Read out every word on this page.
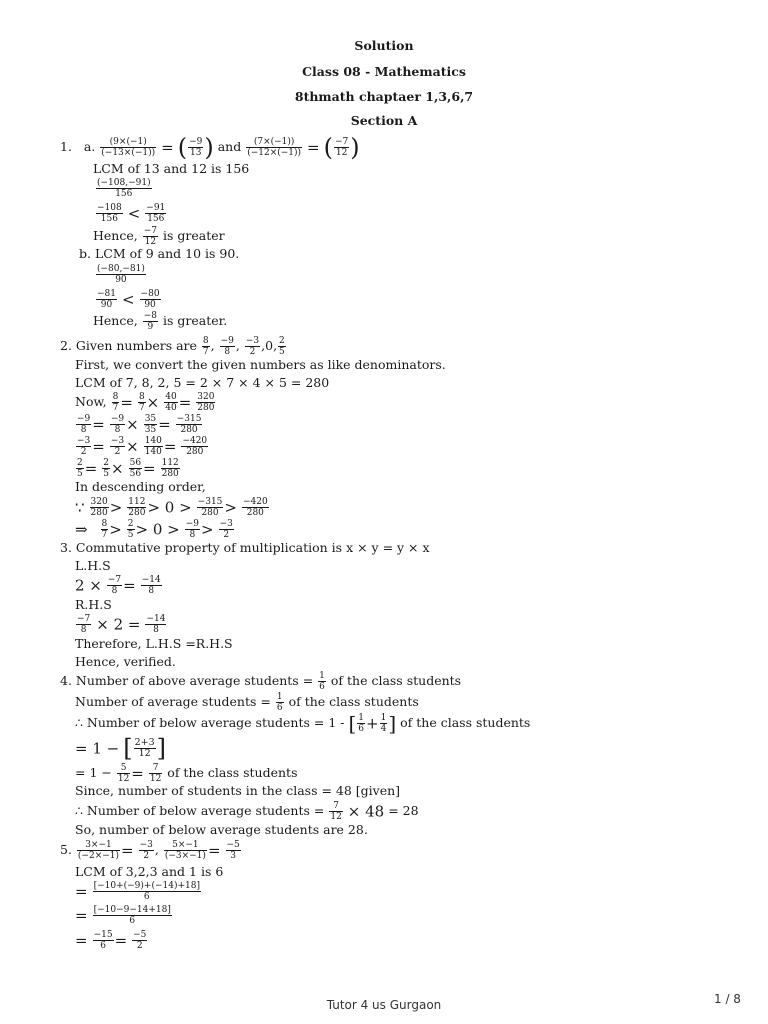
Solution
Class 08 - Mathematics
8thmath chaptaer 1,3,6,7
Section A
1. a. $\frac{(9\times(-1)}{(-13\times(-1))}$ = ( $\frac{-9}{13}$ ) and $\frac{(7\times(-1))}{(-12\times(-1))}$ = ( $\frac{-7}{12}$ )
LCM of 13 and 12 is 156
$\frac{(-108,-91)}{156}$
$\frac{-108}{156} < \frac{-91}{156}$
Hence, $\frac{-7}{12}$ is greater
b. LCM of 9 and 10 is 90.
$\frac{(-80,-81)}{90}$
$\frac{-81}{90} < \frac{-80}{90}$
Hence, $\frac{-8}{9}$ is greater.
2. Given numbers are $\frac{8}{7}$ , $\frac{-9}{8}$ , $\frac{-3}{2} ,0$, $\frac{2}{5}$
First, we convert the given numbers as like denominators.
LCM of 7, 8, 2, 5 = 2 × 7 × 4 × 5 = 280
Now, $\frac{8}{7} = \frac{8}{7} \times \frac{40}{40} = \frac{320}{280}$
$\frac{-9}{8} = \frac{-9}{8} \times \frac{35}{35} = \frac{-315}{280}$
$\frac{-3}{2} = \frac{-3}{2} \times \frac{140}{140} = \frac{-420}{280}$
$\frac{2}{5} = \frac{2}{5} \times \frac{56}{56} = \frac{112}{280}$
In descending order,
∵ $\frac{320}{280} > \frac{112}{280} > 0 > \frac{-315}{280} > \frac{-420}{280}$
⇒ $\frac{8}{7} > \frac{2}{5} > 0 > \frac{-9}{8} > \frac{-3}{2}$
3. Commutative property of multiplication is x × y = y × x
L.H.S
$2 \times \frac{-7}{8} = \frac{-14}{8}$
R.H.S
$\frac{-7}{8} \times 2 = \frac{-14}{8}$
Therefore, L.H.S =R.H.S
Hence, verified.
4. Number of above average students = $\frac{1}{6}$ of the class students
Number of average students = $\frac{1}{6}$ of the class students
∴ Number of below average students = 1 - [ $\frac{1}{6} + \frac{1}{4}$ ] of the class students
= 1 − [ $\frac{2+3}{12}$ ]
= $1 - \frac{5}{12} = \frac{7}{12}$ of the class students
Since, number of students in the class = 48 [given]
∴ Number of below average students = $\frac{7}{12} \times 48 = 28$
So, number of below average students are 28.
5. $\frac{3\times-1}{(-2\times-1)} = \frac{-3}{2}$ , $\frac{5\times-1}{(-3\times-1)} = \frac{-5}{3}$
LCM of 3,2,3 and 1 is 6
= $\frac{[-10+(-9)+(-14)+18]}{6}$
= $\frac{[-10-9-14+18]}{6}$
= $\frac{-15}{6} = \frac{-5}{2}$
Tutor 4 us Gurgaon	1 / 8
